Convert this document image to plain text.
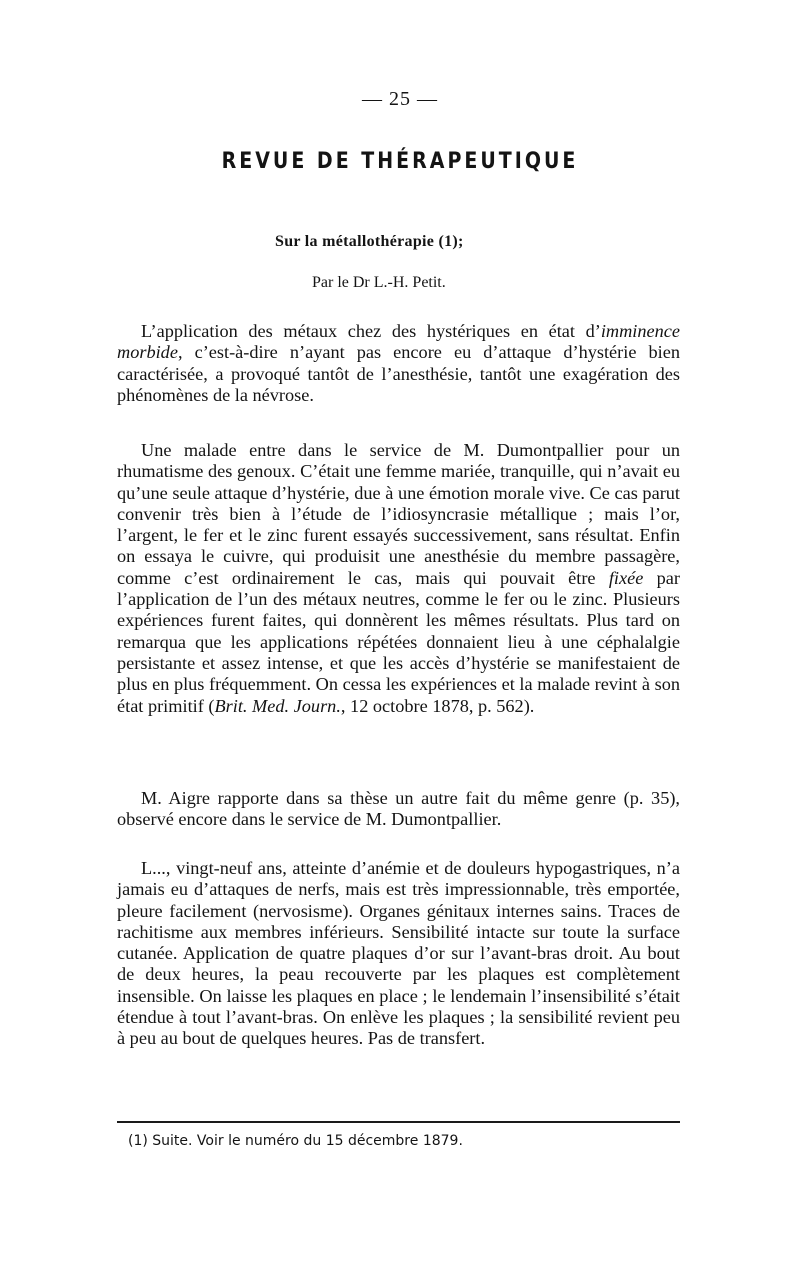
— 25 —
REVUE DE THÉRAPEUTIQUE
Sur la métallothérapie (1);
Par le Dr L.-H. Petit.
L’application des métaux chez des hystériques en état d’imminence morbide, c’est-à-dire n’ayant pas encore eu d’attaque d’hystérie bien caractérisée, a provoqué tantôt de l’anesthésie, tantôt une exagération des phénomènes de la névrose.
Une malade entre dans le service de M. Dumontpallier pour un rhumatisme des genoux. C’était une femme mariée, tranquille, qui n’avait eu qu’une seule attaque d’hystérie, due à une émotion morale vive. Ce cas parut convenir très bien à l’étude de l’idiosyncrasie métallique ; mais l’or, l’argent, le fer et le zinc furent essayés successivement, sans résultat. Enfin on essaya le cuivre, qui produisit une anesthésie du membre passagère, comme c’est ordinairement le cas, mais qui pouvait être fixée par l’application de l’un des métaux neutres, comme le fer ou le zinc. Plusieurs expériences furent faites, qui donnèrent les mêmes résultats. Plus tard on remarqua que les applications répétées donnaient lieu à une céphalalgie persistante et assez intense, et que les accès d’hystérie se manifestaient de plus en plus fréquemment. On cessa les expériences et la malade revint à son état primitif (Brit. Med. Journ., 12 octobre 1878, p. 562).
M. Aigre rapporte dans sa thèse un autre fait du même genre (p. 35), observé encore dans le service de M. Dumontpallier.
L..., vingt-neuf ans, atteinte d’anémie et de douleurs hypogastriques, n’a jamais eu d’attaques de nerfs, mais est très impressionnable, très emportée, pleure facilement (nervosisme). Organes génitaux internes sains. Traces de rachitisme aux membres inférieurs. Sensibilité intacte sur toute la surface cutanée. Application de quatre plaques d’or sur l’avant-bras droit. Au bout de deux heures, la peau recouverte par les plaques est complètement insensible. On laisse les plaques en place ; le lendemain l’insensibilité s’était étendue à tout l’avant-bras. On enlève les plaques ; la sensibilité revient peu à peu au bout de quelques heures. Pas de transfert.
(1) Suite. Voir le numéro du 15 décembre 1879.
